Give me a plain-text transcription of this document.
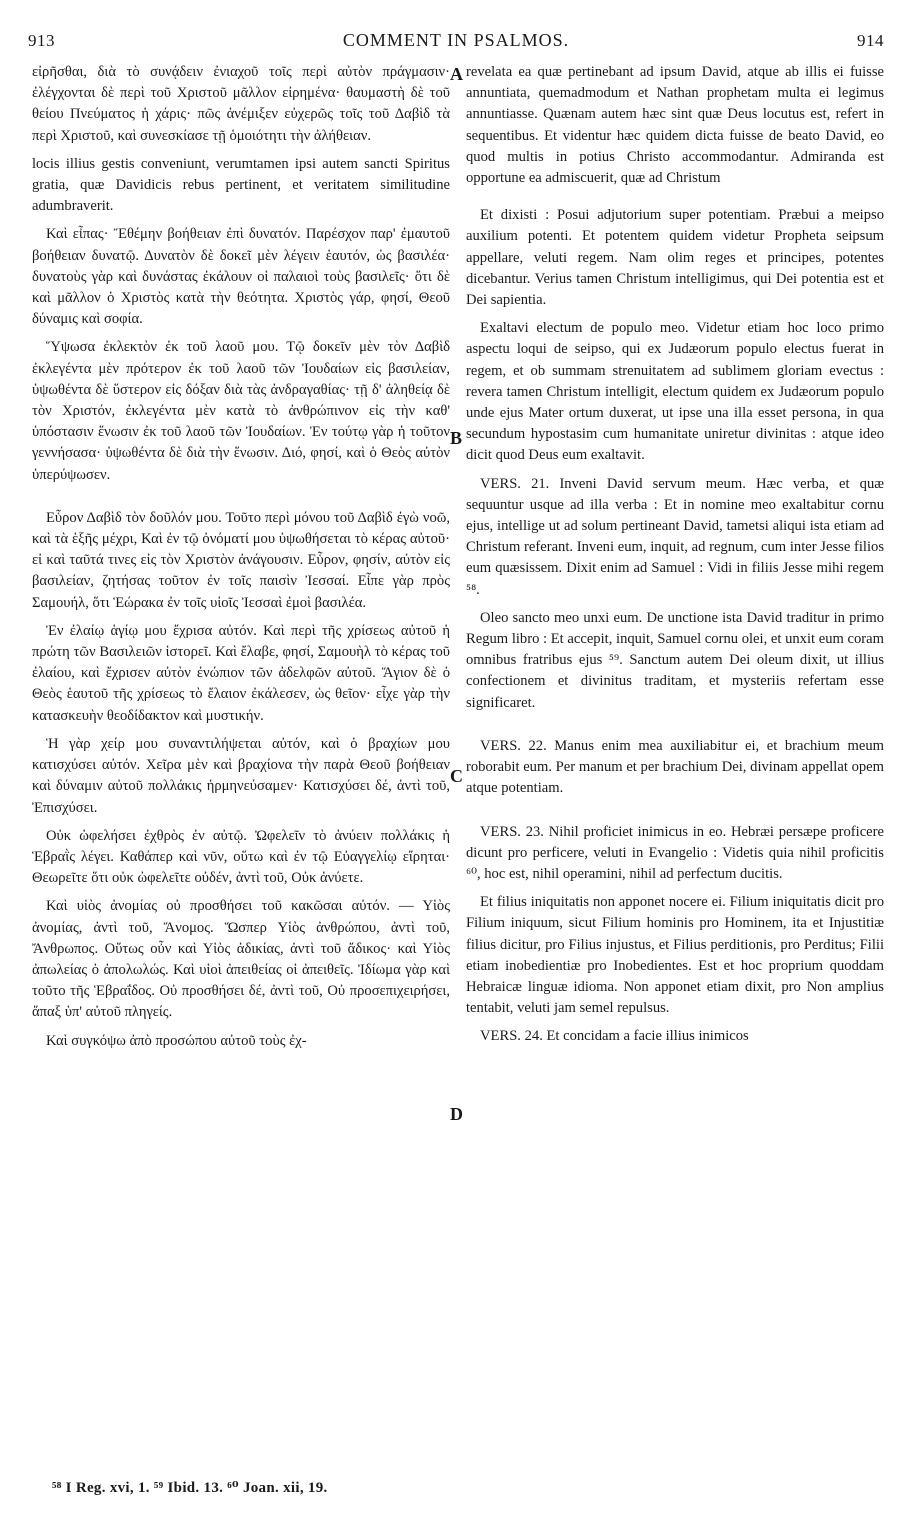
913	COMMENT IN PSALMOS.	914
A
B
C
D

εἰρῆσθαι, διὰ τὸ συνᾴδειν ἐνιαχοῦ τοῖς περὶ αὐτὸν πράγμασιν· ἐλέγχονται δὲ περὶ τοῦ Χριστοῦ μᾶλλον εἰρημένα· θαυμαστὴ δὲ τοῦ θείου Πνεύματος ἡ χάρις· πῶς ἀνέμιξεν εὐχερῶς τοῖς τοῦ Δαβὶδ τὰ περὶ Χριστοῦ, καὶ συνεσκίασε τῇ ὁμοιότητι τὴν ἀλήθειαν.

locis illius gestis conveniunt, verumtamen ipsi autem sancti Spiritus gratia, quæ Davidicis rebus pertinent, et veritatem similitudine adumbraverit.

Καὶ εἶπας· Ἔθέμην βοήθειαν ἐπὶ δυνατόν. Παρέσχον παρ' ἐμαυτοῦ βοήθειαν δυνατῷ. Δυνατὸν δὲ δοκεῖ μὲν λέγειν ἑαυτόν, ὡς βασιλέα· δυνατοὺς γὰρ καὶ δυνάστας ἐκάλουν οἱ παλαιοὶ τοὺς βασιλεῖς· ὅτι δὲ καὶ μᾶλλον ὁ Χριστὸς κατὰ τὴν θεότητα. Χριστὸς γάρ, φησί, Θεοῦ δύναμις καὶ σοφία.

Ὕψωσα ἐκλεκτὸν ἐκ τοῦ λαοῦ μου. Τῷ δοκεῖν μὲν τὸν Δαβὶδ ἐκλεγέντα μὲν πρότερον ἐκ τοῦ λαοῦ τῶν Ἰουδαίων εἰς βασιλείαν, ὑψωθέντα δὲ ὕστερον εἰς δόξαν διὰ τὰς ἀνδραγαθίας· τῇ δ' ἀληθείᾳ δὲ τὸν Χριστόν, ἐκλεγέντα μὲν κατὰ τὸ ἀνθρώπινον εἰς τὴν καθ' ὑπόστασιν ἕνωσιν ἐκ τοῦ λαοῦ τῶν Ἰουδαίων. Ἐν τούτῳ γὰρ ἡ τοῦτον γεννήσασα· ὑψωθέντα δὲ διὰ τὴν ἕνωσιν. Διό, φησί, καὶ ὁ Θεὸς αὐτὸν ὑπερύψωσεν.

Εὗρον Δαβὶδ τὸν δοῦλόν μου. Τοῦτο περὶ μόνου τοῦ Δαβὶδ ἐγὼ νοῶ, καὶ τὰ ἑξῆς μέχρι, Καὶ ἐν τῷ ὀνόματί μου ὑψωθήσεται τὸ κέρας αὐτοῦ· εἰ καὶ ταῦτά τινες εἰς τὸν Χριστὸν ἀνάγουσιν. Εὗρον, φησίν, αὐτὸν εἰς βασιλείαν, ζητήσας τοῦτον ἐν τοῖς παισὶν Ἰεσσαί. Εἶπε γὰρ πρὸς Σαμουήλ, ὅτι Ἑώρακα ἐν τοῖς υἱοῖς Ἰεσσαὶ ἐμοὶ βασιλέα.

Ἐν ἐλαίῳ ἁγίῳ μου ἔχρισα αὐτόν. Καὶ περὶ τῆς χρίσεως αὐτοῦ ἡ πρώτη τῶν Βασιλειῶν ἱστορεῖ. Καὶ ἔλαβε, φησί, Σαμουὴλ τὸ κέρας τοῦ ἐλαίου, καὶ ἔχρισεν αὐτὸν ἐνώπιον τῶν ἀδελφῶν αὐτοῦ. Ἅγιον δὲ ὁ Θεὸς ἑαυτοῦ τῆς χρίσεως τὸ ἔλαιον ἐκάλεσεν, ὡς θεῖον· εἶχε γὰρ τὴν κατασκευὴν θεοδίδακτον καὶ μυστικήν.

Ἡ γὰρ χείρ μου συναντιλήψεται αὐτόν, καὶ ὁ βραχίων μου κατισχύσει αὐτόν. Χεῖρα μὲν καὶ βραχίονα τὴν παρὰ Θεοῦ βοήθειαν καὶ δύναμιν αὐτοῦ πολλάκις ἡρμηνεύσαμεν· Κατισχύσει δέ, ἀντὶ τοῦ, Ἐπισχύσει.

Οὐκ ὠφελήσει ἐχθρὸς ἐν αὐτῷ. Ὠφελεῖν τὸ ἀνύειν πολλάκις ἡ Ἑβραῒς λέγει. Καθάπερ καὶ νῦν, οὕτω καὶ ἐν τῷ Εὐαγγελίῳ εἴρηται· Θεωρεῖτε ὅτι οὐκ ὠφελεῖτε οὐδέν, ἀντὶ τοῦ, Οὐκ ἀνύετε.

Καὶ υἱὸς ἀνομίας οὐ προσθήσει τοῦ κακῶσαι αὐτόν. — Υἱὸς ἀνομίας, ἀντὶ τοῦ, Ἄνομος. Ὥσπερ Υἱὸς ἀνθρώπου, ἀντὶ τοῦ, Ἄνθρωπος. Οὕτως οὖν καὶ Υἱὸς ἀδικίας, ἀντὶ τοῦ ἄδικος· καὶ Υἱὸς ἀπωλείας ὁ ἀπολωλώς. Καὶ υἱοὶ ἀπειθείας οἱ ἀπειθεῖς. Ἰδίωμα γὰρ καὶ τοῦτο τῆς Ἑβραΐδος. Οὐ προσθήσει δέ, ἀντὶ τοῦ, Οὐ προσεπιχειρήσει, ἅπαξ ὑπ' αὐτοῦ πληγείς.

Καὶ συγκόψω ἀπὸ προσώπου αὐτοῦ τοὺς ἐχ-

revelata ea quæ pertinebant ad ipsum David, atque ab illis ei fuisse annuntiata, quemadmodum et Nathan prophetam multa ei legimus annuntiasse. Quænam autem hæc sint quæ Deus locutus est, refert in sequentibus. Et videntur hæc quidem dicta fuisse de beato David, eo quod multis in potius Christo accommodantur. Admiranda est opportune ea admiscuerit, quæ ad Christum

Et dixisti : Posui adjutorium super potentiam. Præbui a meipso auxilium potenti. Et potentem quidem videtur Propheta seipsum appellare, veluti regem. Nam olim reges et principes, potentes dicebantur. Verius tamen Christum intelligimus, qui Dei potentia est et Dei sapientia.

Exaltavi electum de populo meo. Videtur etiam hoc loco primo aspectu loqui de seipso, qui ex Judæorum populo electus fuerat in regem, et ob summam strenuitatem ad sublimem gloriam evectus : revera tamen Christum intelligit, electum quidem ex Judæorum populo unde ejus Mater ortum duxerat, ut ipse una illa esset persona, in qua secundum hypostasim cum humanitate uniretur divinitas : atque ideo dicit quod Deus eum exaltavit.

VERS. 21. Inveni David servum meum. Hæc verba, et quæ sequuntur usque ad illa verba : Et in nomine meo exaltabitur cornu ejus, intellige ut ad solum pertineant David, tametsi aliqui ista etiam ad Christum referant. Inveni eum, inquit, ad regnum, cum inter Jesse filios eum quæsissem. Dixit enim ad Samuel : Vidi in filiis Jesse mihi regem ⁵⁸.

Oleo sancto meo unxi eum. De unctione ista David traditur in primo Regum libro : Et accepit, inquit, Samuel cornu olei, et unxit eum coram omnibus fratribus ejus ⁵⁹. Sanctum autem Dei oleum dixit, ut illius confectionem et divinitus traditam, et mysteriis refertam esse significaret.

VERS. 22. Manus enim mea auxiliabitur ei, et brachium meum roborabit eum. Per manum et per brachium Dei, divinam appellat opem atque potentiam.

VERS. 23. Nihil proficiet inimicus in eo. Hebræi persæpe proficere dicunt pro perficere, veluti in Evangelio : Videtis quia nihil proficitis ⁶⁰, hoc est, nihil operamini, nihil ad perfectum ducitis.

Et filius iniquitatis non apponet nocere ei. Filium iniquitatis dicit pro Filium iniquum, sicut Filium hominis pro Hominem, ita et Injustitiæ filius dicitur, pro Filius injustus, et Filius perditionis, pro Perditus; Filii etiam inobedientiæ pro Inobedientes. Est et hoc proprium quoddam Hebraicæ linguæ idioma. Non apponet etiam dixit, pro Non amplius tentabit, veluti jam semel repulsus.

VERS. 24. Et concidam a facie illius inimicos

⁵⁸ I Reg. xvi, 1. ⁵⁹ Ibid. 13. ⁶⁰ Joan. xii, 19.
